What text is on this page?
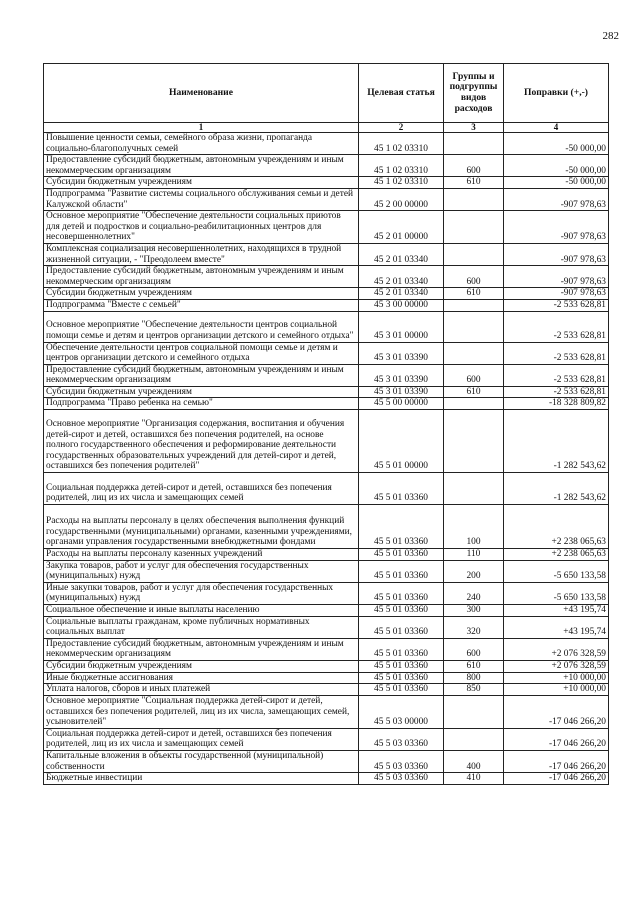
282
Наименование	Целевая статья	Группы и подгруппы видов расходов	Поправки (+,-)
1	2	3	4
Повышение ценности семьи, семейного образа жизни, пропаганда социально-благополучных семей	45 1 02 03310		-50 000,00
Предоставление субсидий бюджетным, автономным учреждениям и иным некоммерческим организациям	45 1 02 03310	600	-50 000,00
Субсидии бюджетным учреждениям	45 1 02 03310	610	-50 000,00
Подпрограмма "Развитие системы социального обслуживания семьи и детей Калужской области"	45 2 00 00000		-907 978,63
Основное мероприятие "Обеспечение деятельности социальных приютов для детей и подростков и социально-реабилитационных центров для несовершеннолетних"	45 2 01 00000		-907 978,63
Комплексная социализация несовершеннолетних, находящихся в трудной жизненной ситуации, - "Преодолеем вместе"	45 2 01 03340		-907 978,63
Предоставление субсидий бюджетным, автономным учреждениям и иным некоммерческим организациям	45 2 01 03340	600	-907 978,63
Субсидии бюджетным учреждениям	45 2 01 03340	610	-907 978,63
Подпрограмма "Вместе с семьей"	45 3 00 00000		-2 533 628,81
Основное мероприятие "Обеспечение деятельности центров социальной помощи семье и детям и центров организации детского и семейного отдыха"	45 3 01 00000		-2 533 628,81
Обеспечение деятельности центров социальной помощи семье и детям и центров организации детского и семейного отдыха	45 3 01 03390		-2 533 628,81
Предоставление субсидий бюджетным, автономным учреждениям и иным некоммерческим организациям	45 3 01 03390	600	-2 533 628,81
Субсидии бюджетным учреждениям	45 3 01 03390	610	-2 533 628,81
Подпрограмма "Право ребенка на семью"	45 5 00 00000		-18 328 809,82
Основное мероприятие "Организация содержания, воспитания и обучения детей-сирот и детей, оставшихся без попечения родителей, на основе полного государственного обеспечения и реформирование деятельности государственных образовательных учреждений для детей-сирот и детей, оставшихся без попечения родителей"	45 5 01 00000		-1 282 543,62
Социальная поддержка детей-сирот и детей, оставшихся без попечения родителей, лиц из их числа и замещающих семей	45 5 01 03360		-1 282 543,62
Расходы на выплаты персоналу в целях обеспечения выполнения функций государственными (муниципальными) органами, казенными учреждениями, органами управления государственными внебюджетными фондами	45 5 01 03360	100	+2 238 065,63
Расходы на выплаты персоналу казенных учреждений	45 5 01 03360	110	+2 238 065,63
Закупка товаров, работ и услуг для обеспечения государственных (муниципальных) нужд	45 5 01 03360	200	-5 650 133,58
Иные закупки товаров, работ и услуг для обеспечения государственных (муниципальных) нужд	45 5 01 03360	240	-5 650 133,58
Социальное обеспечение и иные выплаты населению	45 5 01 03360	300	+43 195,74
Социальные выплаты гражданам, кроме публичных нормативных социальных выплат	45 5 01 03360	320	+43 195,74
Предоставление субсидий бюджетным, автономным учреждениям и иным некоммерческим организациям	45 5 01 03360	600	+2 076 328,59
Субсидии бюджетным учреждениям	45 5 01 03360	610	+2 076 328,59
Иные бюджетные ассигнования	45 5 01 03360	800	+10 000,00
Уплата налогов, сборов и иных платежей	45 5 01 03360	850	+10 000,00
Основное мероприятие "Социальная поддержка детей-сирот и детей, оставшихся без попечения родителей, лиц из их числа, замещающих семей, усыновителей"	45 5 03 00000		-17 046 266,20
Социальная поддержка детей-сирот и детей, оставшихся без попечения родителей, лиц из их числа и замещающих семей	45 5 03 03360		-17 046 266,20
Капитальные вложения в объекты государственной (муниципальной) собственности	45 5 03 03360	400	-17 046 266,20
Бюджетные инвестиции	45 5 03 03360	410	-17 046 266,20
